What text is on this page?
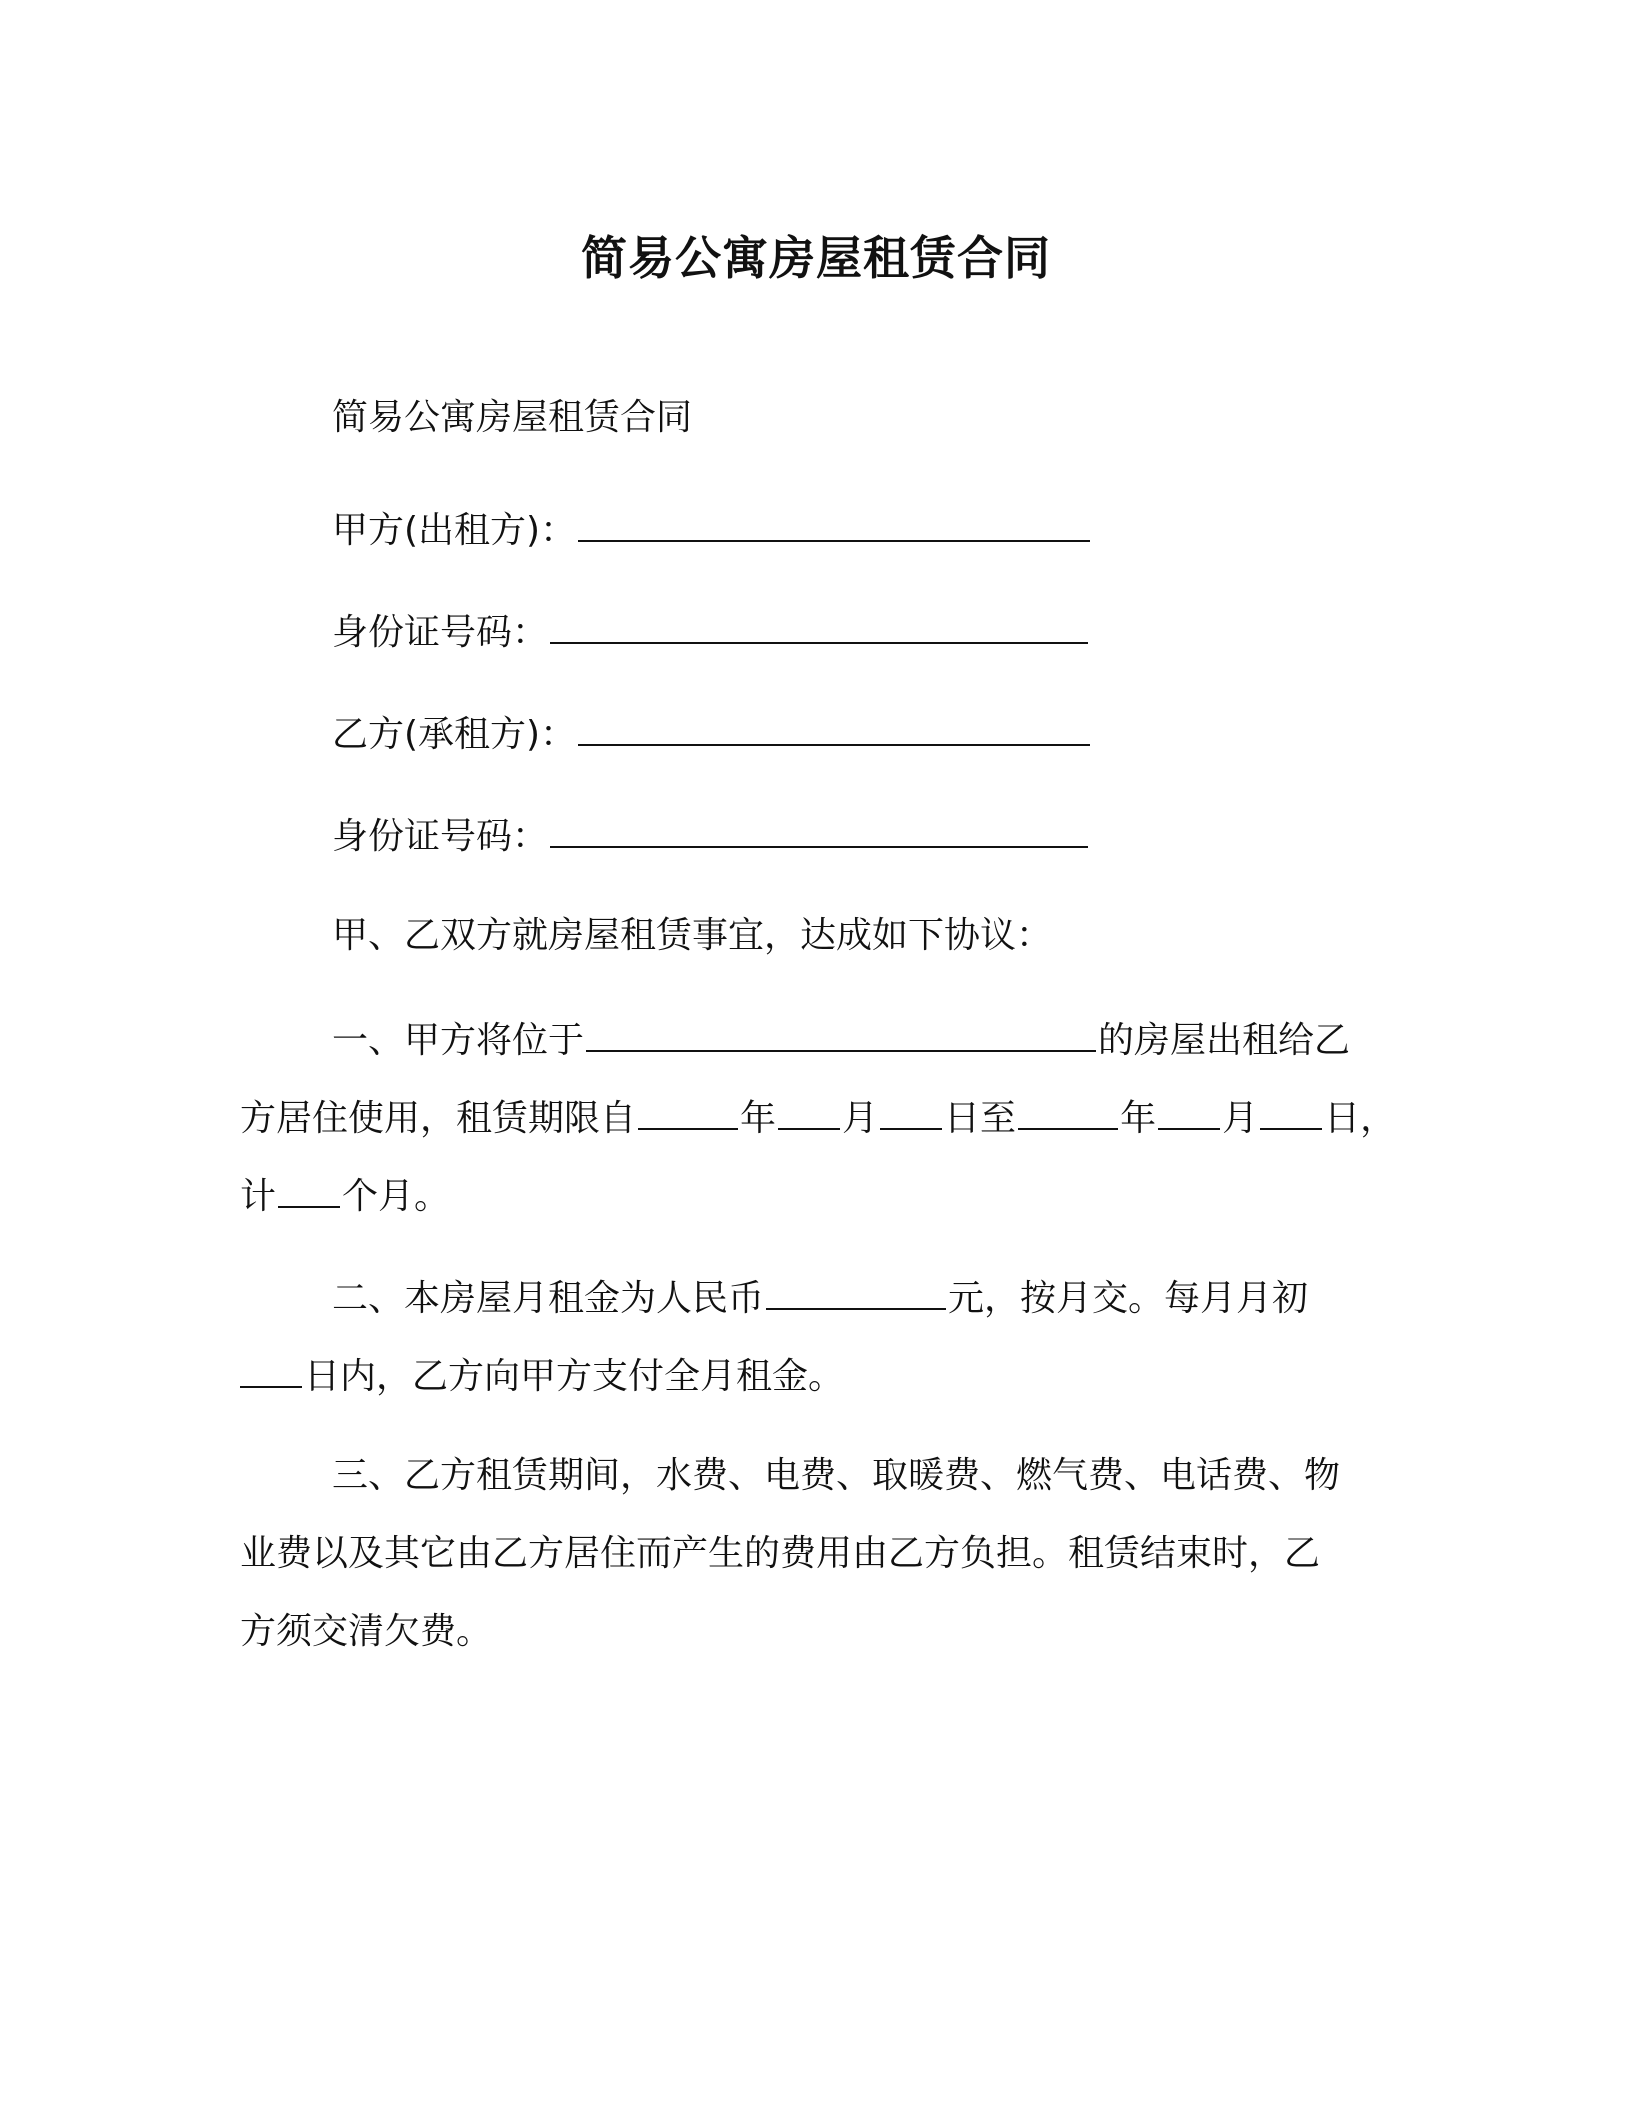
简易公寓房屋租赁合同
简易公寓房屋租赁合同
甲方(出租方)：
身份证号码：
乙方(承租方)：
身份证号码：
甲、乙双方就房屋租赁事宜，达成如下协议：
一、甲方将位于	的房屋出租给乙
方居住使用，租赁期限自	年 月 日至	年 月 日，
计 个月。
二、本房屋月租金为人民币	元，按月交。每月月初
日内，乙方向甲方支付全月租金。
三、乙方租赁期间，水费、电费、取暖费、燃气费、电话费、物
业费以及其它由乙方居住而产生的费用由乙方负担。租赁结束时，乙
方须交清欠费。
